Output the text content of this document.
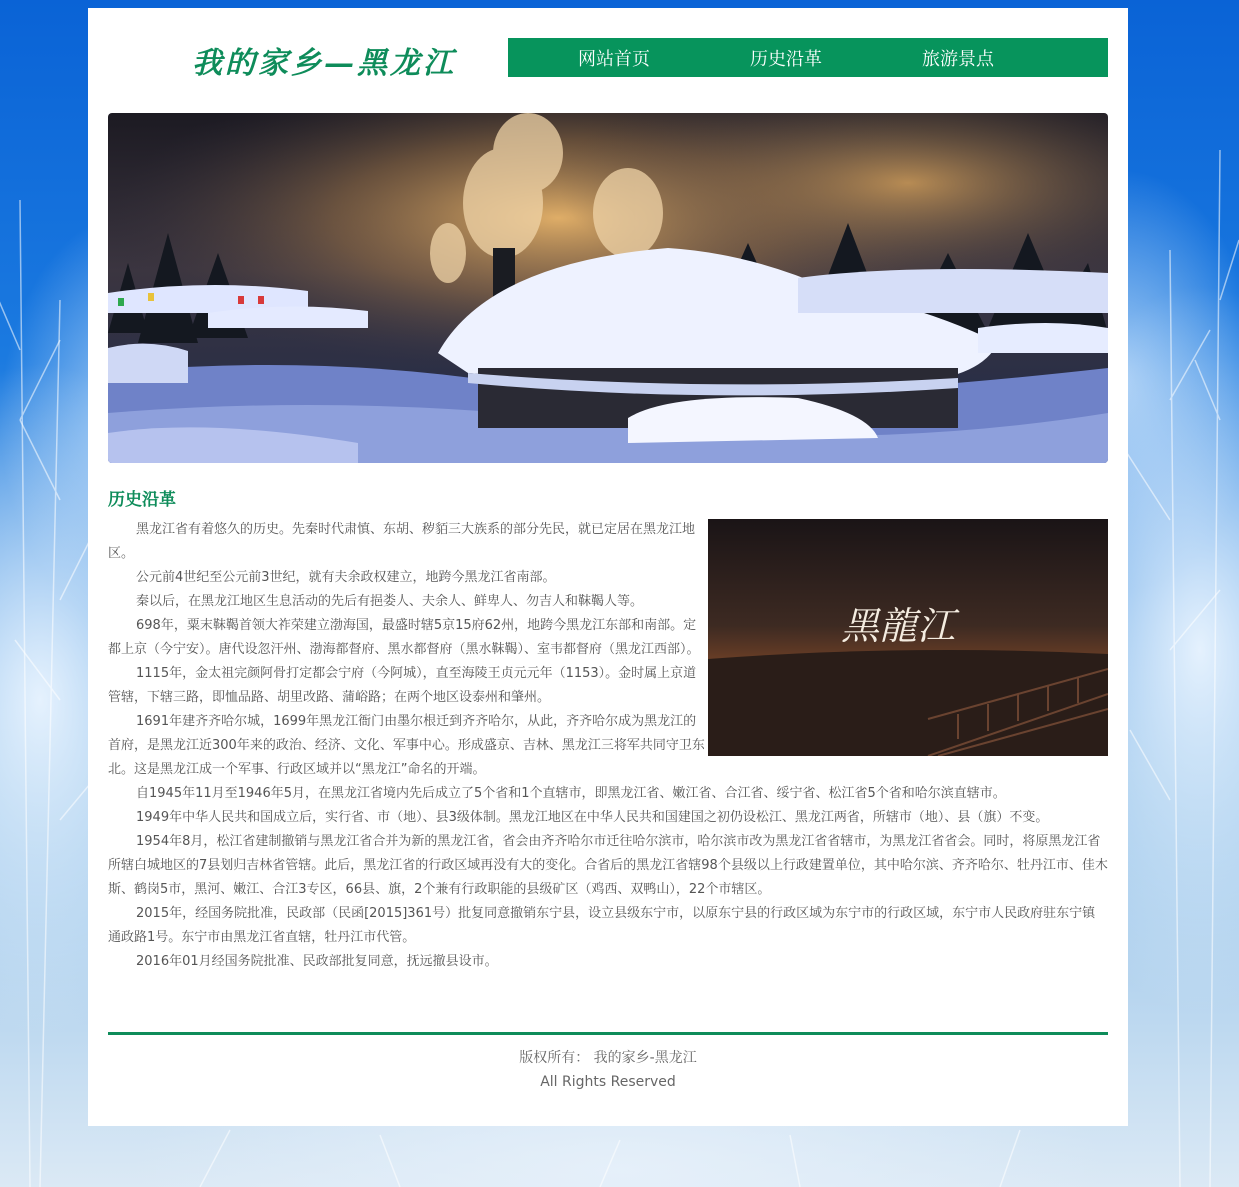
我的家乡—黑龙江	网站首页	历史沿革	旅游景点
历史沿革
黑龍江

黑龙江省有着悠久的历史。先秦时代肃慎、东胡、秽貊三大族系的部分先民，就已定居在黑龙江地区。

公元前4世纪至公元前3世纪，就有夫余政权建立，地跨今黑龙江省南部。

秦以后，在黑龙江地区生息活动的先后有挹娄人、夫余人、鲜卑人、勿吉人和靺鞨人等。

698年，粟末靺鞨首领大祚荣建立渤海国，最盛时辖5京15府62州，地跨今黑龙江东部和南部。定都上京（今宁安）。唐代设忽汗州、渤海都督府、黑水都督府（黑水靺鞨）、室韦都督府（黑龙江西部）。

1115年，金太祖完颜阿骨打定都会宁府（今阿城），直至海陵王贞元元年（1153）。金时属上京道管辖，下辖三路，即恤品路、胡里改路、蒲峪路；在两个地区设泰州和肇州。

1691年建齐齐哈尔城，1699年黑龙江衙门由墨尔根迁到齐齐哈尔，从此，齐齐哈尔成为黑龙江的首府，是黑龙江近300年来的政治、经济、文化、军事中心。形成盛京、吉林、黑龙江三将军共同守卫东北。这是黑龙江成一个军事、行政区域并以“黑龙江”命名的开端。

自1945年11月至1946年5月，在黑龙江省境内先后成立了5个省和1个直辖市，即黑龙江省、嫩江省、合江省、绥宁省、松江省5个省和哈尔滨直辖市。

1949年中华人民共和国成立后，实行省、市（地）、县3级体制。黑龙江地区在中华人民共和国建国之初仍设松江、黑龙江两省，所辖市（地）、县（旗）不变。

1954年8月，松江省建制撤销与黑龙江省合并为新的黑龙江省，省会由齐齐哈尔市迁往哈尔滨市，哈尔滨市改为黑龙江省省辖市，为黑龙江省省会。同时，将原黑龙江省所辖白城地区的7县划归吉林省管辖。此后，黑龙江省的行政区域再没有大的变化。合省后的黑龙江省辖98个县级以上行政建置单位，其中哈尔滨、齐齐哈尔、牡丹江市、佳木斯、鹤岗5市，黑河、嫩江、合江3专区，66县、旗，2个兼有行政职能的县级矿区（鸡西、双鸭山），22个市辖区。

2015年，经国务院批准，民政部（民函[2015]361号）批复同意撤销东宁县，设立县级东宁市，以原东宁县的行政区域为东宁市的行政区域，东宁市人民政府驻东宁镇通政路1号。东宁市由黑龙江省直辖，牡丹江市代管。

2016年01月经国务院批准、民政部批复同意，抚远撤县设市。

版权所有： 我的家乡-黑龙江
All Rights Reserved
